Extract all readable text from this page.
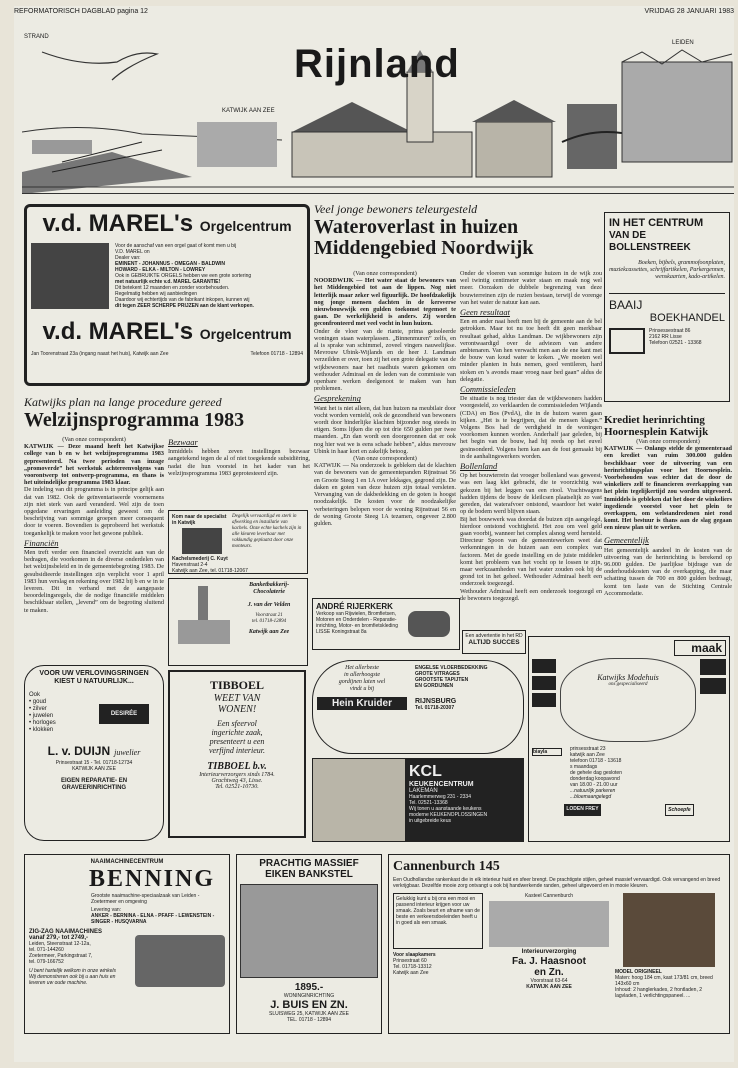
REFORMATORISCH DAGBLAD pagina 12	VRIJDAG 28 JANUARI 1983
Rijnland
STRAND
KATWIJK AAN ZEE
LEIDEN
v.d. MAREL's Orgelcentrum
Voor de aanschaf van een orgel gaat of komt men u bij
V.D. MAREL on
Dealer van:
EMINENT - JOHANNUS - OMEGAN - BALDWIN
HOWARD - ELKA - MILTON - LOWREY
Ook in GEBRUIKTE ORGELS hebben we een grote sortering
met natuurlijk echte v.d. MAREL GARANTIE!
Dit betekent 12 maanden en zonder voorbehouden.
Regelmatig hebben wij aanbiedingen
Daardoor wij echtertijds van de fabrikant inkopen, kunnen wij
dit tegen ZEER SCHERPE PRIJZEN aan de klant verkopen.
v.d. MAREL's Orgelcentrum
Jan Toorenstraat 23a (ingang naast het huis), Katwijk aan Zee	Telefoon 01718 - 12894
Veel jonge bewoners teleurgesteld
Wateroverlast in huizen Middengebied Noordwijk
(Van onze correspondent)

NOORDWIJK — Het water staat de bewoners van het Middengebied tot aan de lippen. Nog niet letterlijk maar zeker wel figuurlijk. De hoofdzakelijk nog jonge mensen dachten in de kersverse nieuwbouwwijk een gulden toekomst tegemoet te gaan. De werkelijkheid is anders. Zij worden geconfronteerd met veel vocht in hun huizen.

Onder de vloer van de riante, prima geisoleerde woningen staan waterplassen. „Binnenmuren” zelfs, en al is sprake van schimmel, zoveel vingers nauwelijkse. Mevrouw Ubink-Wijlands en de heer J. Landman verzeilden er over, toen zij het een grote delegatie van de wijkbewoners naar het raadhuis waren gekomen om wethouder Admiraal en de leden van de commissie van openbare werken deelgenoot te maken van hun problemen.

Gesprekening

Want het is niet alleen, dat hun huizen na meubilair door vocht worden vernield, ook de gezondheid van bewoners wordt door hinderlijke klachten bijzonder nog steeds in etigen. Soms lijken die op tot drie 650 gulden per twee maanden. „En dan wordt een doorgeronnen dat er ook nog hier wat we is eens schade hebben”, aldus mevrouw Ubink in haar kort en zakelijk betoog.

(Van onze correspondent)

KATWIJK — Na onderzoek is gebleken dat de klachten van de bewoners van de gemeentepanden Rijnstraat 56 en Groote Steeg 1 en 1A over lekkages, gegrond zijn. De daken en goten van deze huizen zijn totaal versleten. Vervanging van de dakbedekking en de goten is hoogst noodzakelijk. De kosten voor de noodzakelijke verbeteringen belopen voor de woning Rijnstraat 56 en de woning Groote Steeg 1A tezamen, ongeveer 2.800 gulden.

Onder de vloeren van sommige huizen in de wijk zou wel twintig centimeter water staan en maak nog wel meer. Oorzaken de dubbele begrenzing van deze bouwterreinen zijn de ruzien bestaan, terwijl de vorenge van het water de natuur kan aan.

Geen resultaat

Een en ander naai heeft men bij de gemeente aan de bel getrokken. Maar tot nu toe heeft dit geen merkbaar resultaat gehad, aldus Landman. De wijkbewoners zijn verontwaardigd over de adviezen van andere ambtenaren. Van hen verwacht men aan de ene kant met de bouw van koud water te koken. „We moeten wel minder planten in huis nemen, goed ventileren, hard stoken en 's avonds maar vroeg naar bed gaan” aldus de delegatie.

Commissieleden

De situatie is nog triester dan de wijkbewoners hadden voorgesteld, zo verklaarden de commissieleden Wijlands (CDA) en Bos (PvdA), die in de huizen waren gaan kijken. „Het is te begrijpen, dat de mensen klagen.” Volgens Bos had de verdigheid in de woningen voorkomen kunnen worden. Anderhalf jaar geleden, bij het begin van de bouw, had hij reeds op het euvel gesinsonderd. Volgens hem kan aan de fout gemaakt bij in de aanhalingswerkers worden.

Bollenland

Op het bouwterrein dat vroeger bollenland was geweest, was een laag klei gebracht, die te voorzichtig was gekozen bij het leggen van een riool. Vrachtwagens hadden tijdens de bouw de kleilcsen plaatselijk zo vast gereden, dat waterafvoer ontstond, waardoor het water op de bodem werd blijven staan.

Bij het bouwwerk was doordat de buizen zijn aangelegd, hierdoor ontstond vochtigheid. Het zou om veel geld gaan voorbij, wanneer het complex alsnog werd hersteld. Directeur Spoon van de gemeentewerken weet dat verkenningen in de huizen aan een complex van factoren. Met de goede instelling en de juiste middelen komt het probleem van het vocht op te lossen te zijn, maar werkzaamheden van het water zouden ook bij de grond tot in het geheel. Wethouder Admiraal heeft een onderzoek toegezegd.

Wethouder Admiraal heeft een onderzoek toegezegd en de bewoners toegezegd.

IN HET CENTRUM
VAN DE BOLLENSTREEK
Boeken, bijbels, grammofoonplaten, muziekcassettes, schrijfartikelen, Parkergennen, wenskaarten, kado-artikelen.
BAAIJ
BOEKHANDEL
Prinsessestraat 86
2162 RR Lisse
Telefoon 02521 - 13368
Katwijks plan na lange procedure gereed
Welzijnsprogramma 1983
(Van onze correspondent)

KATWIJK — Deze maand heeft het Katwijkse college van b en w het welzijnsprogramma 1983 gepresenteerd. Na twee perioden van inzage „promoverde” het werkstuk achtereenvolgens van voorontwerp tot ontwerp-programma, en thans is het uiteindelijke programma 1983 klaar.

De indeling van dit programma is in principe gelijk aan dat van 1982. Ook de geïnventariseerde voornemens zijn niet sterk van aard veranderd. Wel zijn de toen opgedane ervaringen aanleiding geweest om de beschrijving van sommige groepen meer consequent door te voeren. Bovendien is geprobeerd het werkstuk toegankelijk te maken voor het gewone publiek.

Financiën

Men treft verder een financieel overzicht aan van de bedragen, die voorkomen in de diverse onderdelen van het welzijnsbeleid en in de gemeentebegroting 1983. De gesubsidieerde instellingen zijn verplicht voor 1 april 1983 hun verslag en rekening over 1982 bij b en w in te leveren. Dit in verband met de aangepaste beoordelingsregels, die de nodige financiële middelen beschikbaar stellen, „levend” om de begroting sluitend te maken.

Bezwaar

Inmiddels hebben zeven instellingen bezwaar aangetekend tegen de al of niet toegekende subsidiëring, nadat die hun voorstel in het kader van het welzijnsprogramma 1983 geprotesteerd zijn.

Kom naar de specialist in Katwijk
Degelijk vervaardigd en sterk in afwerking en installatie van kachels. Onze echte kachels zijn in alle kleuren leverbaar met vakkundig geplaatst door onze monteurs.
Kachelsmederij C. Kuyt
Havenstraat 2-4
Katwijk aan Zee, tel. 01718-12067
Banketbakkerij-
Chocolaterie
J. van der Velden
Voorstraat 21
tel. 01718-12894
Katwijk aan Zee
ANDRÉ RIJERKERK
Verkoop van Rijwielen, Bromfietsen, Motoren en Onderdelen - Reparatie-inrichting, Motor- en bromfietskleding
LISSE Koningstraat 8a
Een advertentie in het RD
ALTIJD SUCCES
Krediet herinrichting
Hoornesplein Katwijk
(Van onze correspondent)

KATWIJK — Onlangs stelde de gemeenteraad een krediet van ruim 300.000 gulden beschikbaar voor de uitvoering van een herinrichtingsplan voor het Hoornesplein. Voorbehouden was echter dat de door de winkeliers zelf te financieren overkapping van het plein tegelijkertijd zou worden uitgevoerd. Inmiddels is gebleken dat het door de winkeliers ingediende voorstel voor het plein te overkappen, om welstandredenen niet rond komt. Het bestuur is thans aan de slag gegaan een nieuw plan uit te werken.

Gemeentelijk

Het gemeentelijk aandeel in de kosten van de uitvoering van de herinrichting is berekend op 96.000 gulden. De jaarlijkse bijdrage van de onderhoudskosten van de overkapping, die maar schatting tussen de 700 en 800 gulden bedraagt, komt ten laste van de Stichting Centrale Accommodatie.

VOOR UW VERLOVINGSRINGEN KIEST U NATUURLIJK...
Ook
• goud
• zilver
• juwelen
• horloges
• klokken
DESIRÉE
L. v. DUIJN juwelier
Prinsestraat 15 - Tel. 01718-12734
KATWIJK AAN ZEE
EIGEN REPARATIE- EN
GRAVEERINRICHTING
TIBBOEL
WEET VAN
WONEN!
Een sfeervol
ingerichte zaak,
presenteert u een
verfijnd interieur.
TIBBOEL b.v.
Interieurverzorgers sinds 1784.
Grachtweg 43, Lisse.
Tel. 02521-10730.
Het allerbeste
in allerhoogste
gordijnen laten wel
vindt u bij
Hein Kruider
ENGELSE VLOERBEDEKKING
GROTE VITRAGES
GROOTSTE TAPIJTEN
EN GORDIJNEN
RIJNSBURG
Tel. 01718-20307
KCL
KEUKENCENTRUM
LAKEMAN
Haarlemmerweg 231 - 2334
Tel. 02521-13368
Wij tonen u aanstaande keukens
moderne KEUKENOPLOSSINGEN
in uitgebreide keus
maak
Katwijks Modehuis
ons gespecialiseerd
biayla	prinsesstraat 23
katwijk aan Zee
telefoon 01718 - 13618
s maandags
de gehele dag gesloten
donderdag koopavond
van 18.00 - 21.00 uur
...natuurlijk parkeren
...bloemaangelegd
LODEN FREY	Schoepfe
NAAIMACHINECENTRUM
BENNING
Grootste naaimachine-speciaalzaak van Leiden - Zoetermeer en omgeving
Levering van:
ANKER - BERNINA - ELNA - PFAFF - LEWENSTEIN - SINGER - HUSQVARNA
ZIG-ZAG NAAIMACHINES
vanaf 279,- tot 2749,-
Leiden, Steenstraat 12-12a,
tel. 071-144260
Zoetermeer, Parkingstraat 7,
tel. 079-166752
U bent hartelijk welkom in onze winkels
Wij demonstreren ook bij u aan huis en leveren uw oude machine.
PRACHTIG MASSIEF
EIKEN BANKSTEL
1895.-
WONINGINRICHTING
J. BUIS EN ZN.
SLUISWEG 25, KATWIJK AAN ZEE
TEL. 01718 - 12894
Cannenburch 145
Een Oudhollandse rankenkast die in elk interieur huid en sfeer brengt. De prachtigste stijlen, geheel massief vervaardigd. Ook vervangend en breed verkrijgbaar. Dezelfde mooie zorg ontvangt u ook bij handwerkende randen, geheel uitgevoerd en in mooie kleuren.
Gelukkig kunt u bij ons een mooi en passend interieur krijgen voor uw smaak. Zoals beurt en afname van de beste en verkeersdoeleinden heeft u in goed als een smaak.
Voor slaapkamers
Prinsestraat 60
Tel. 01718-13312
Katwijk aan Zee
Kasteel Cannenburch
Interieurverzorging
Fa. J. Haasnoot
en Zn.
Voorstraat 63-64
KATWIJK AAN ZEE
MODEL ORIGINEEL
Maten: hoog 184 cm, kast 173/81 cm, breed 143x60 cm
Inhoud: 2 hanglerkades, 2 frontladen, 2 lagvladen, 1 verlichtingspaneel. ...
